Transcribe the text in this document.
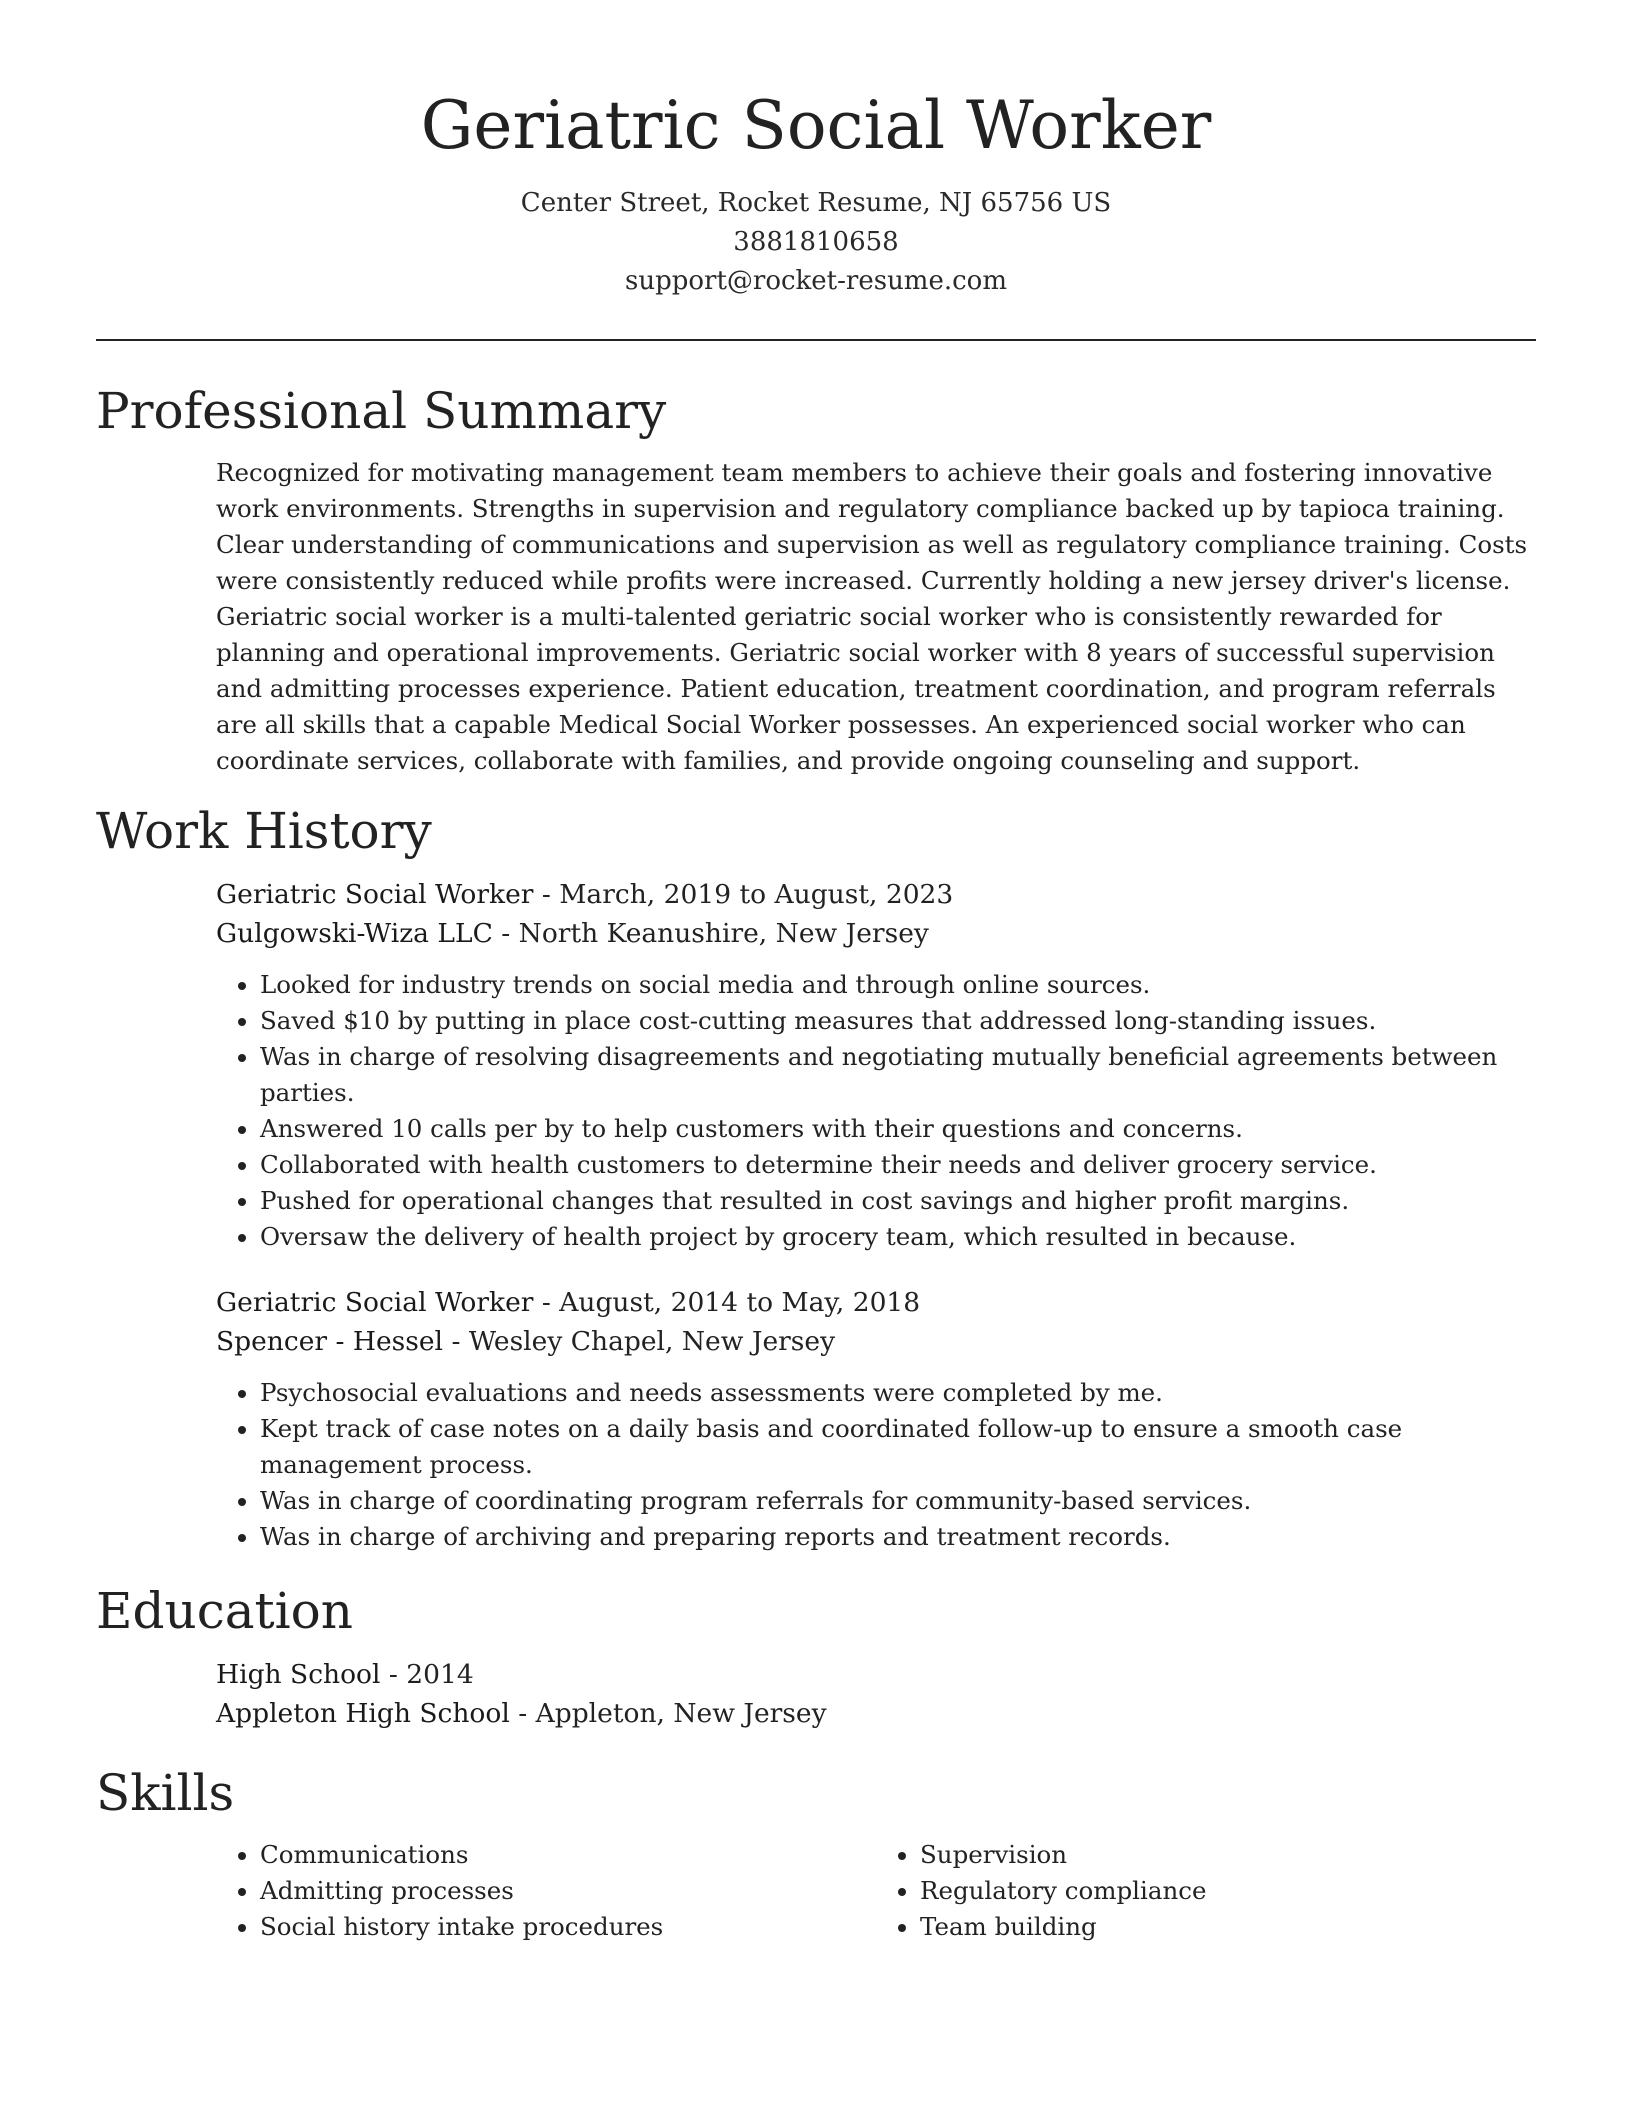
Geriatric Social Worker
Center Street, Rocket Resume, NJ 65756 US
3881810658
support@rocket-resume.com
Professional Summary

Recognized for motivating management team members to achieve their goals and fostering innovative work environments. Strengths in supervision and regulatory compliance backed up by tapioca training. Clear understanding of communications and supervision as well as regulatory compliance training. Costs were consistently reduced while profits were increased. Currently holding a new jersey driver's license. Geriatric social worker is a multi-talented geriatric social worker who is consistently rewarded for planning and operational improvements. Geriatric social worker with 8 years of successful supervision and admitting processes experience. Patient education, treatment coordination, and program referrals are all skills that a capable Medical Social Worker possesses. An experienced social worker who can coordinate services, collaborate with families, and provide ongoing counseling and support.

Work History
Geriatric Social Worker - March, 2019 to August, 2023
Gulgowski-Wiza LLC - North Keanushire, New Jersey
• Looked for industry trends on social media and through online sources.
• Saved $10 by putting in place cost-cutting measures that addressed long-standing issues.
• Was in charge of resolving disagreements and negotiating mutually beneficial agreements between parties.
• Answered 10 calls per by to help customers with their questions and concerns.
• Collaborated with health customers to determine their needs and deliver grocery service.
• Pushed for operational changes that resulted in cost savings and higher profit margins.
• Oversaw the delivery of health project by grocery team, which resulted in because.
Geriatric Social Worker - August, 2014 to May, 2018
Spencer - Hessel - Wesley Chapel, New Jersey
• Psychosocial evaluations and needs assessments were completed by me.
• Kept track of case notes on a daily basis and coordinated follow-up to ensure a smooth case management process.
• Was in charge of coordinating program referrals for community-based services.
• Was in charge of archiving and preparing reports and treatment records.
Education
High School - 2014
Appleton High School - Appleton, New Jersey
Skills
• Communications
• Admitting processes
• Social history intake procedures
• Supervision
• Regulatory compliance
• Team building
